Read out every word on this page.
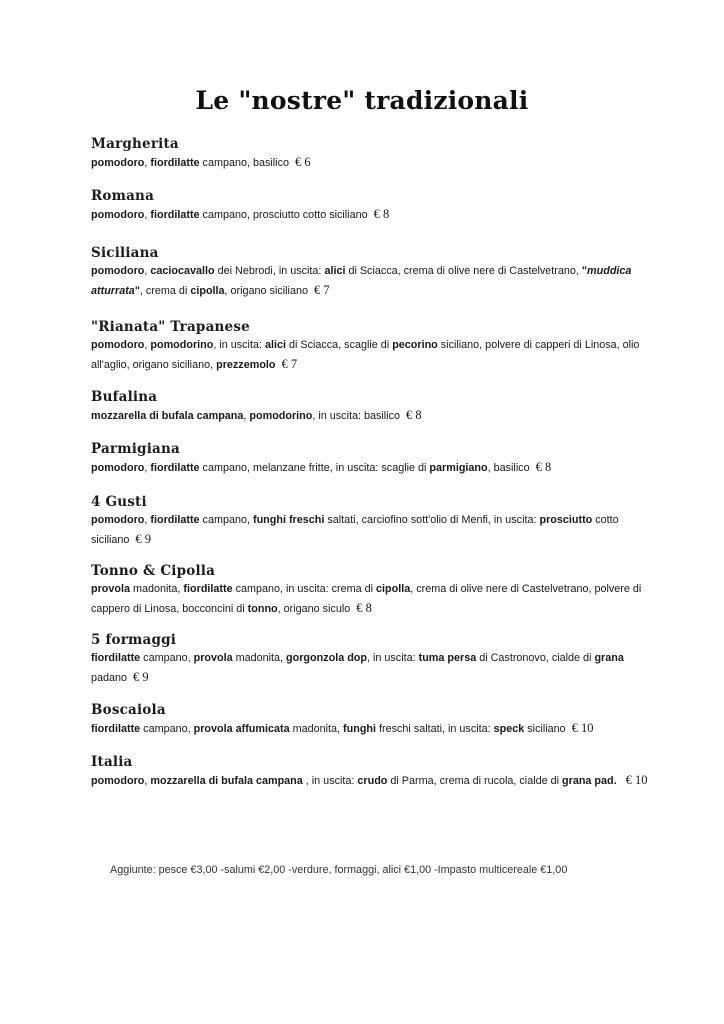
Le "nostre" tradizionali
Margherita
pomodoro, fiordilatte campano, basilico € 6
Romana
pomodoro, fiordilatte campano, prosciutto cotto siciliano € 8
Siciliana
pomodoro, caciocavallo dei Nebrodi, in uscita: alici di Sciacca, crema di olive nere di Castelvetrano, "muddica atturrata", crema di cipolla, origano siciliano € 7
"Rianata" Trapanese
pomodoro, pomodorino, in uscita: alici di Sciacca, scaglie di pecorino siciliano, polvere di capperi di Linosa, olio all'aglio, origano siciliano, prezzemolo € 7
Bufalina
mozzarella di bufala campana, pomodorino, in uscita: basilico € 8
Parmigiana
pomodoro, fiordilatte campano, melanzane fritte, in uscita: scaglie di parmigiano, basilico € 8
4 Gusti
pomodoro, fiordilatte campano, funghi freschi saltati, carciofino sott'olio di Menfi, in uscita: prosciutto cotto siciliano € 9
Tonno & Cipolla
provola madonita, fiordilatte campano, in uscita: crema di cipolla, crema di olive nere di Castelvetrano, polvere di cappero di Linosa, bocconcini di tonno, origano siculo € 8
5 formaggi
fiordilatte campano, provola madonita, gorgonzola dop, in uscita: tuma persa di Castronovo, cialde di grana padano € 9
Boscaiola
fiordilatte campano, provola affumicata madonita, funghi freschi saltati, in uscita: speck siciliano € 10
Italia
pomodoro, mozzarella di bufala campana , in uscita: crudo di Parma, crema di rucola, cialde di grana pad. € 10
Aggiunte: pesce €3,00 -salumi €2,00 -verdure, formaggi, alici €1,00 -Impasto multicereale €1,00
